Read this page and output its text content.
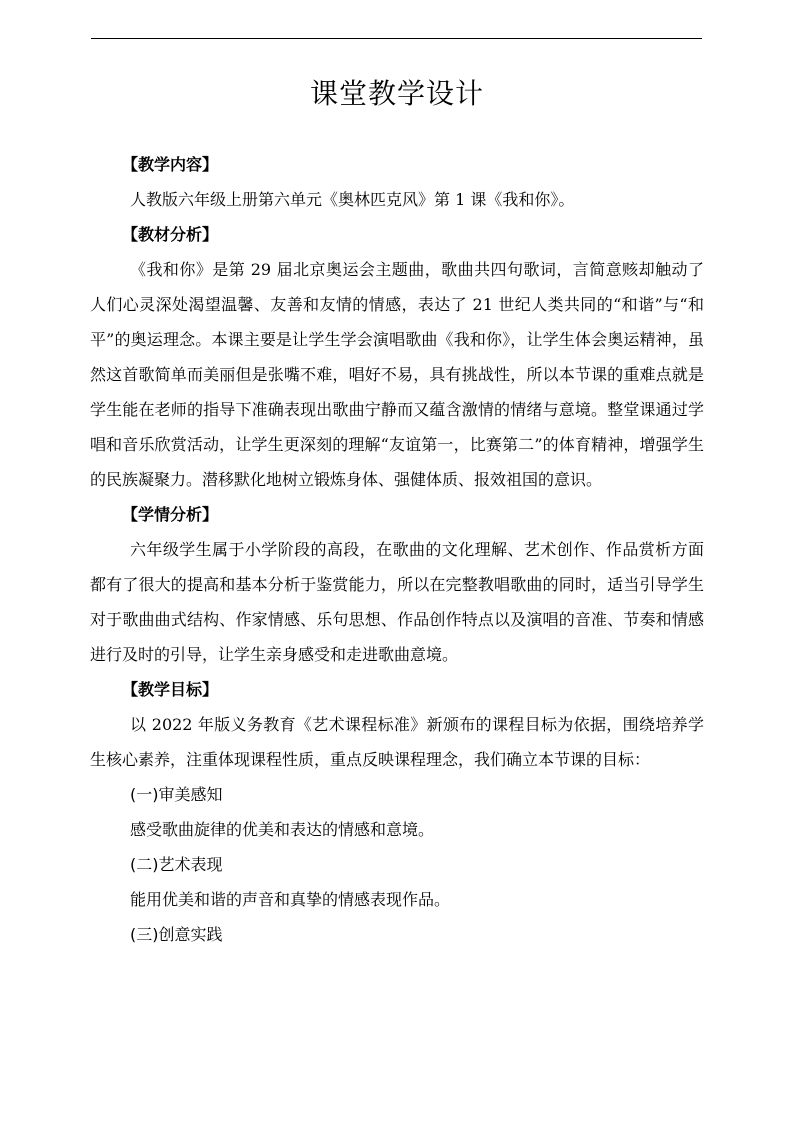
课堂教学设计

【教学内容】

人教版六年级上册第六单元《奥林匹克风》第 1 课《我和你》。

【教材分析】

《我和你》是第 29 届北京奥运会主题曲，歌曲共四句歌词，言简意赅却触动了人们心灵深处渴望温馨、友善和友情的情感，表达了 21 世纪人类共同的“和谐”与“和平”的奥运理念。本课主要是让学生学会演唱歌曲《我和你》，让学生体会奥运精神，虽然这首歌简单而美丽但是张嘴不难，唱好不易，具有挑战性，所以本节课的重难点就是学生能在老师的指导下准确表现出歌曲宁静而又蕴含激情的情绪与意境。整堂课通过学唱和音乐欣赏活动，让学生更深刻的理解“友谊第一，比赛第二”的体育精神，增强学生的民族凝聚力。潜移默化地树立锻炼身体、强健体质、报效祖国的意识。

【学情分析】

六年级学生属于小学阶段的高段，在歌曲的文化理解、艺术创作、作品赏析方面都有了很大的提高和基本分析于鉴赏能力，所以在完整教唱歌曲的同时，适当引导学生对于歌曲曲式结构、作家情感、乐句思想、作品创作特点以及演唱的音准、节奏和情感进行及时的引导，让学生亲身感受和走进歌曲意境。

【教学目标】

以 2022 年版义务教育《艺术课程标准》新颁布的课程目标为依据，围绕培养学生核心素养，注重体现课程性质，重点反映课程理念，我们确立本节课的目标：

(一)审美感知

感受歌曲旋律的优美和表达的情感和意境。

(二)艺术表现

能用优美和谐的声音和真挚的情感表现作品。

(三)创意实践
